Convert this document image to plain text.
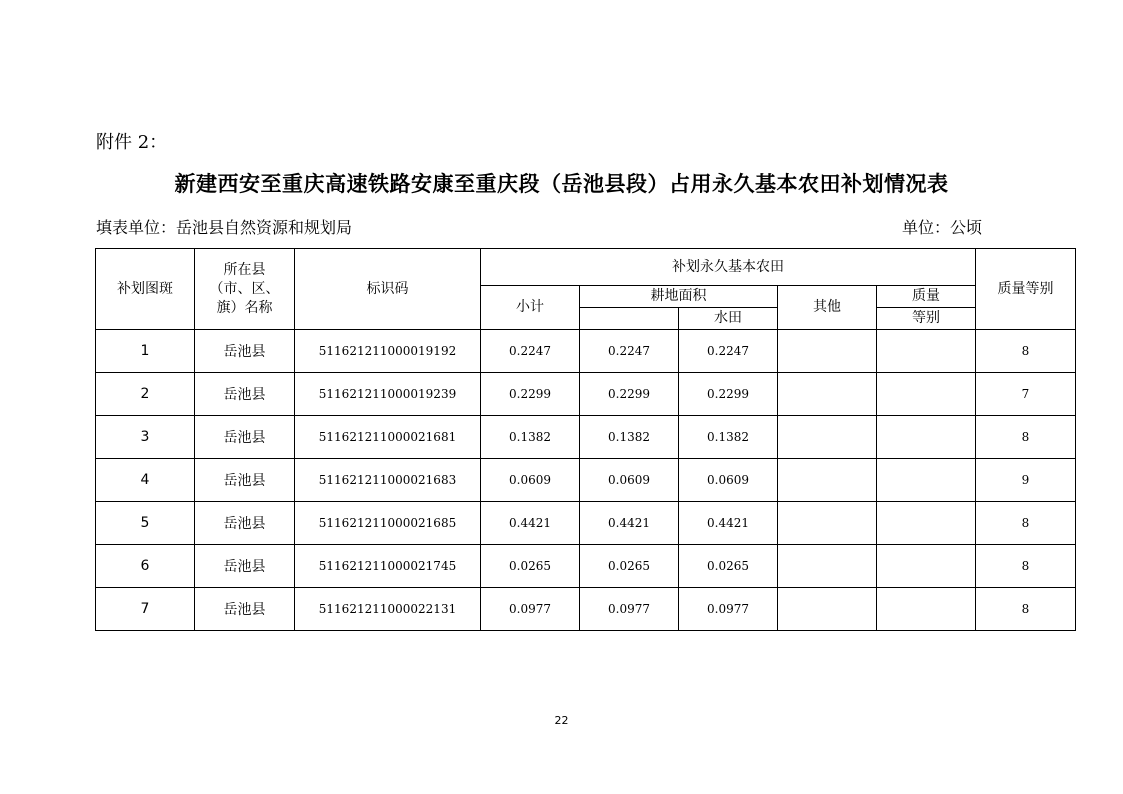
附件 2：
新建西安至重庆高速铁路安康至重庆段（岳池县段）占用永久基本农田补划情况表
填表单位：岳池县自然资源和规划局	单位：公顷
补划图斑	所在县（市、区、旗）名称	标识码	补划永久基本农田					质量等别
			小计	耕地面积		其他	质量	
					水田		等别	

1	岳池县	511621211000019192	0.2247	0.2247	0.2247			8
2	岳池县	511621211000019239	0.2299	0.2299	0.2299			7
3	岳池县	511621211000021681	0.1382	0.1382	0.1382			8
4	岳池县	511621211000021683	0.0609	0.0609	0.0609			9
5	岳池县	511621211000021685	0.4421	0.4421	0.4421			8
6	岳池县	511621211000021745	0.0265	0.0265	0.0265			8
7	岳池县	511621211000022131	0.0977	0.0977	0.0977			8
22
